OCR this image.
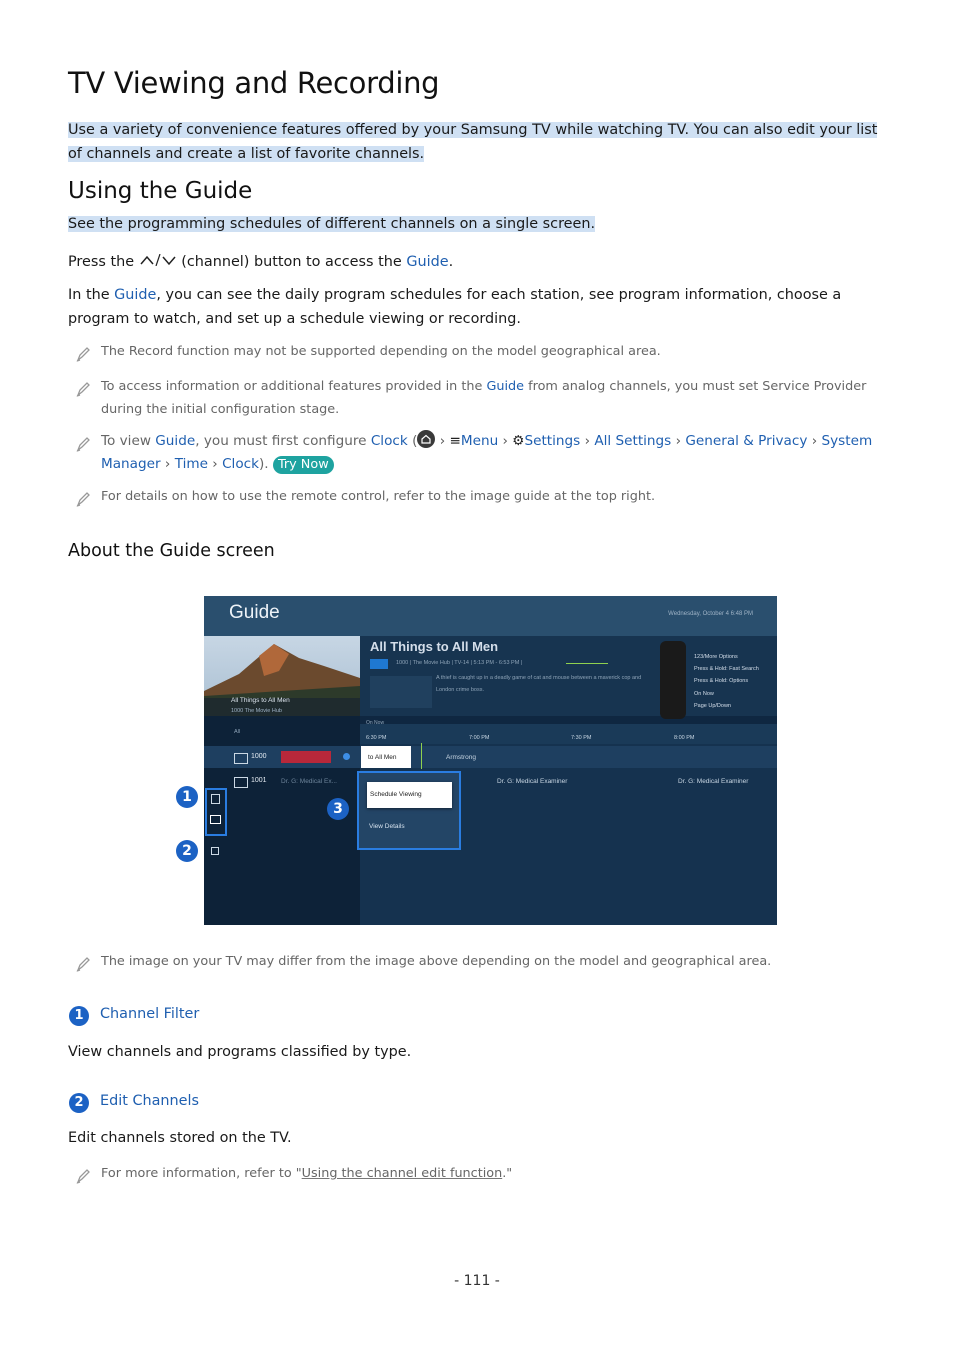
TV Viewing and Recording
Use a variety of convenience features offered by your Samsung TV while watching TV. You can also edit your list of channels and create a list of favorite channels.
Using the Guide
See the programming schedules of different channels on a single screen.
Press the	(channel) button to access the Guide.
In the Guide, you can see the daily program schedules for each station, see program information, choose a program to watch, and set up a schedule viewing or recording.
The Record function may not be supported depending on the model geographical area.
To access information or additional features provided in the Guide from analog channels, you must set Service Provider during the initial configuration stage.
To view Guide, you must first configure Clock ( › ≡Menu › ⚙Settings › All Settings › General & Privacy › System Manager › Time › Clock). Try Now
For details on how to use the remote control, refer to the image guide at the top right.
About the Guide screen
Guide	Wednesday, October 4 6:48 PM
All Things to All Men
1000 The Movie Hub
All
All Things to All Men
1000 | The Movie Hub | TV-14 | 5:13 PM - 6:53 PM |
A thief is caught up in a deadly game of cat and mouse between a maverick cop and London crime boss.
123/More Options
Press & Hold: Fast Search
Press & Hold: Options
On Now
Page Up/Down
On Now
6:30 PM	7:00 PM	7:30 PM	8:00 PM
1000	to All Men	Armstrong
1001 Dr. G: Medical Ex...	Dr. G: Medical Examiner	Dr. G: Medical Examiner
Schedule Viewing
View Details
1
2
3
The image on your TV may differ from the image above depending on the model and geographical area.
1	Channel Filter
View channels and programs classified by type.
2	Edit Channels
Edit channels stored on the TV.
For more information, refer to "Using the channel edit function."
- 111 -
